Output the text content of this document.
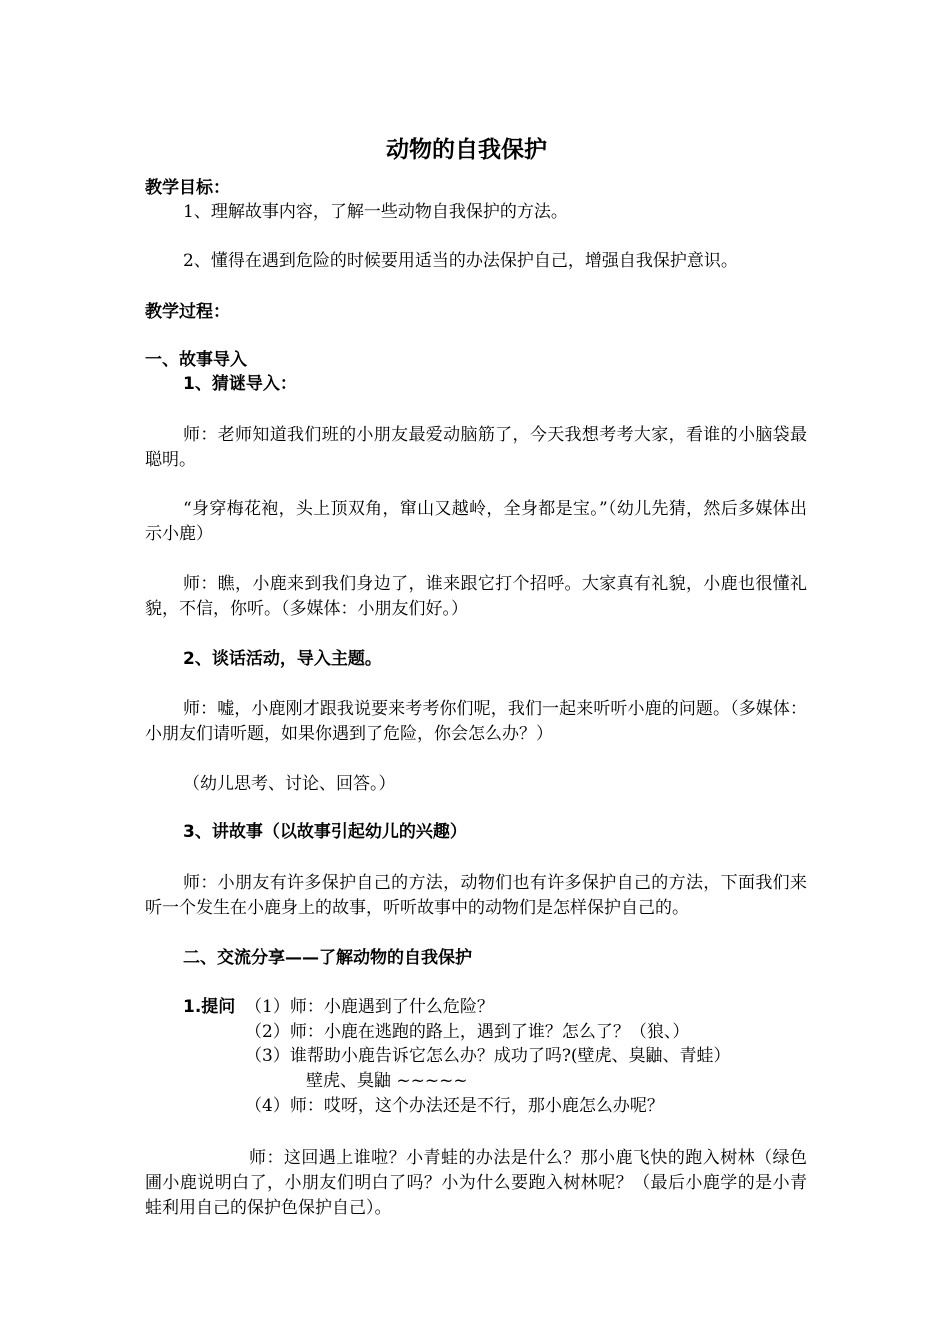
动物的自我保护
教学目标：
1、理解故事内容，了解一些动物自我保护的方法。
2、懂得在遇到危险的时候要用适当的办法保护自己，增强自我保护意识。
教学过程：
一、故事导入
1、猜谜导入：
师：老师知道我们班的小朋友最爱动脑筋了，今天我想考考大家，看谁的小脑袋最聪明。
“身穿梅花袍，头上顶双角，窜山又越岭，全身都是宝。”（幼儿先猜，然后多媒体出示小鹿）
师：瞧，小鹿来到我们身边了，谁来跟它打个招呼。大家真有礼貌，小鹿也很懂礼貌，不信，你听。（多媒体：小朋友们好。）
2、谈话活动，导入主题。
师：嘘，小鹿刚才跟我说要来考考你们呢，我们一起来听听小鹿的问题。（多媒体：小朋友们请听题，如果你遇到了危险，你会怎么办？）
（幼儿思考、讨论、回答。）
3、讲故事（以故事引起幼儿的兴趣）
师：小朋友有许多保护自己的方法，动物们也有许多保护自己的方法，下面我们来听一个发生在小鹿身上的故事，听听故事中的动物们是怎样保护自己的。
二、交流分享——了解动物的自我保护
1.提问 （1）师：小鹿遇到了什么危险？
（2）师：小鹿在逃跑的路上，遇到了谁？怎么了？（狼、）
（3）谁帮助小鹿告诉它怎么办？成功了吗?(壁虎、臭鼬、青蛙）
壁虎、臭鼬 ~~~~~
（4）师：哎呀，这个办法还是不行，那小鹿怎么办呢？
师：这回遇上谁啦？小青蛙的办法是什么？那小鹿飞快的跑入树林（绿色圃小鹿说明白了，小朋友们明白了吗？小为什么要跑入树林呢？（最后小鹿学的是小青蛙利用自己的保护色保护自己）。
